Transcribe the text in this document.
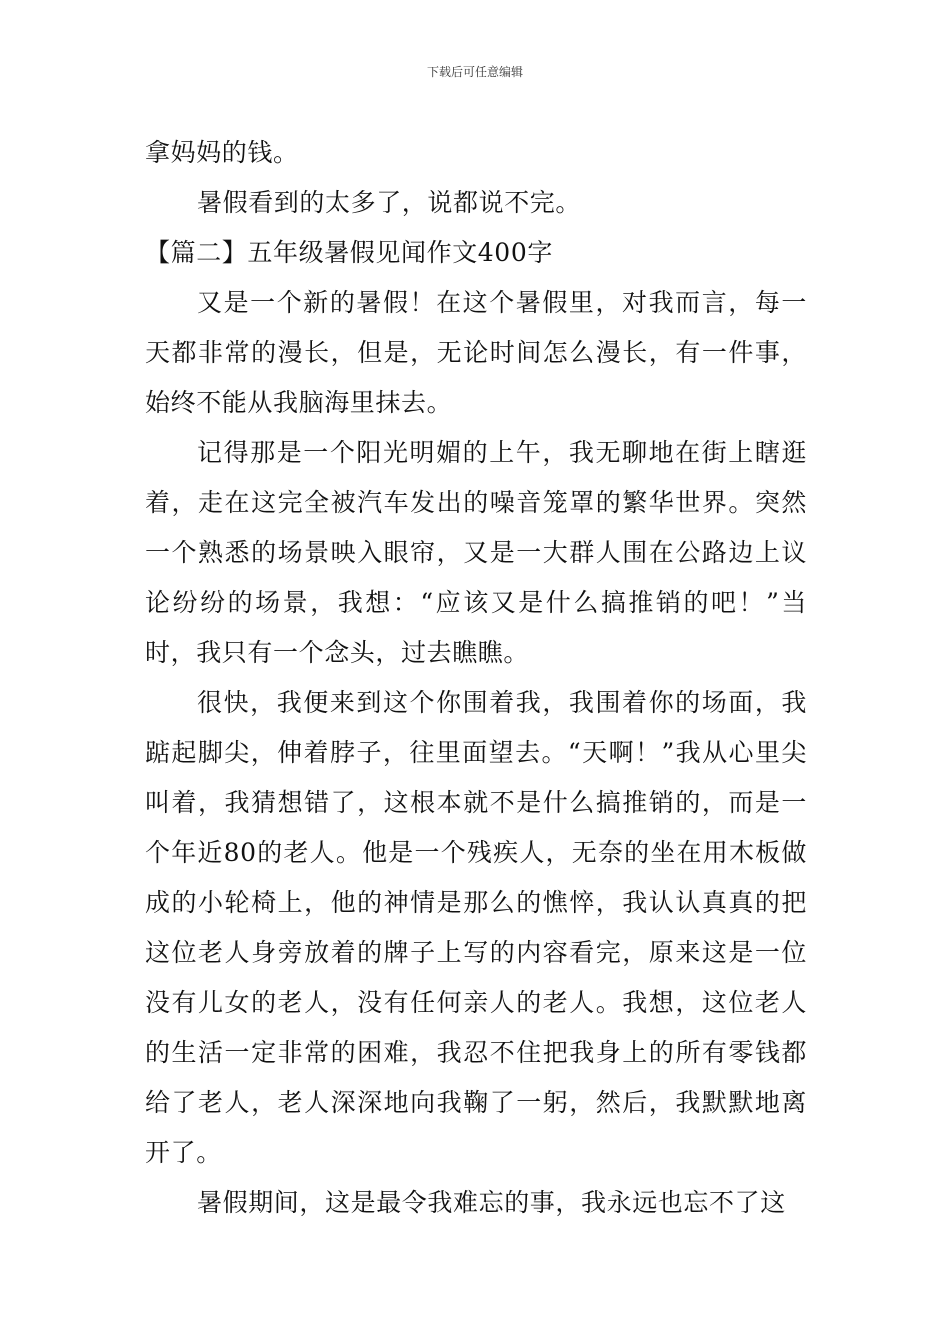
下载后可任意编辑

拿妈妈的钱。

暑假看到的太多了，说都说不完。

【篇二】五年级暑假见闻作文400字

又是一个新的暑假！在这个暑假里，对我而言，每一天都非常的漫长，但是，无论时间怎么漫长，有一件事，始终不能从我脑海里抹去。

记得那是一个阳光明媚的上午，我无聊地在街上瞎逛着，走在这完全被汽车发出的噪音笼罩的繁华世界。突然一个熟悉的场景映入眼帘，又是一大群人围在公路边上议论纷纷的场景，我想：“应该又是什么搞推销的吧！”当时，我只有一个念头，过去瞧瞧。

很快，我便来到这个你围着我，我围着你的场面，我踮起脚尖，伸着脖子，往里面望去。“天啊！”我从心里尖叫着，我猜想错了，这根本就不是什么搞推销的，而是一个年近80的老人。他是一个残疾人，无奈的坐在用木板做成的小轮椅上，他的神情是那么的憔悴，我认认真真的把这位老人身旁放着的牌子上写的内容看完，原来这是一位没有儿女的老人，没有任何亲人的老人。我想，这位老人的生活一定非常的困难，我忍不住把我身上的所有零钱都给了老人，老人深深地向我鞠了一躬，然后，我默默地离开了。

暑假期间，这是最令我难忘的事，我永远也忘不了这
